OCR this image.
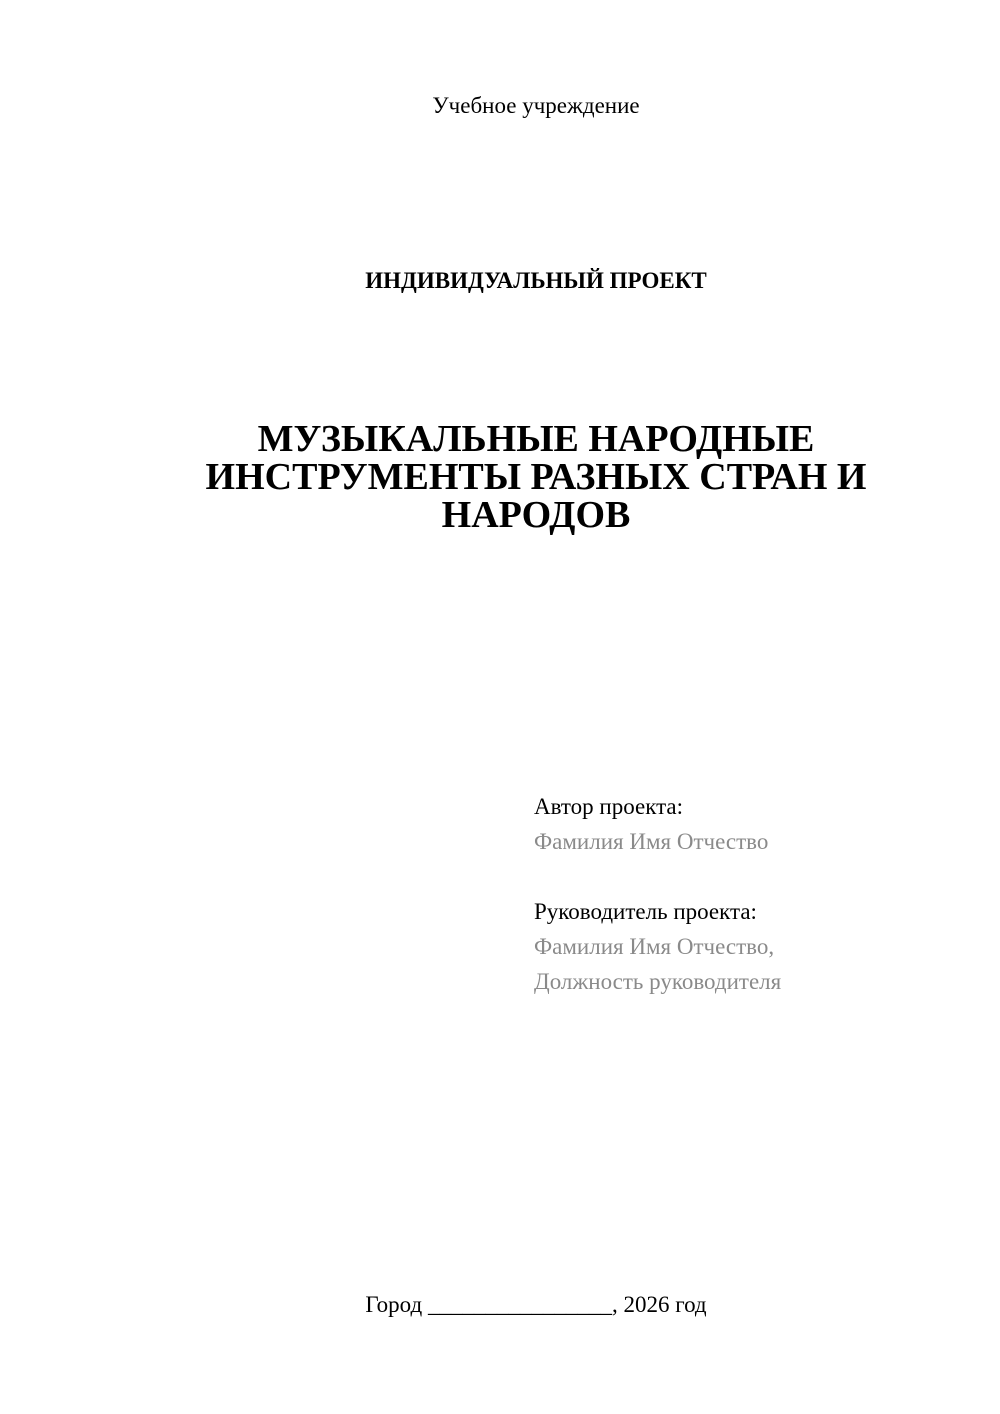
Учебное учреждение
ИНДИВИДУАЛЬНЫЙ ПРОЕКТ
МУЗЫКАЛЬНЫЕ НАРОДНЫЕ
ИНСТРУМЕНТЫ РАЗНЫХ СТРАН И
НАРОДОВ
Автор проекта:
Фамилия Имя Отчество
Руководитель проекта:
Фамилия Имя Отчество,
Должность руководителя
Город ________________, 2026 год
